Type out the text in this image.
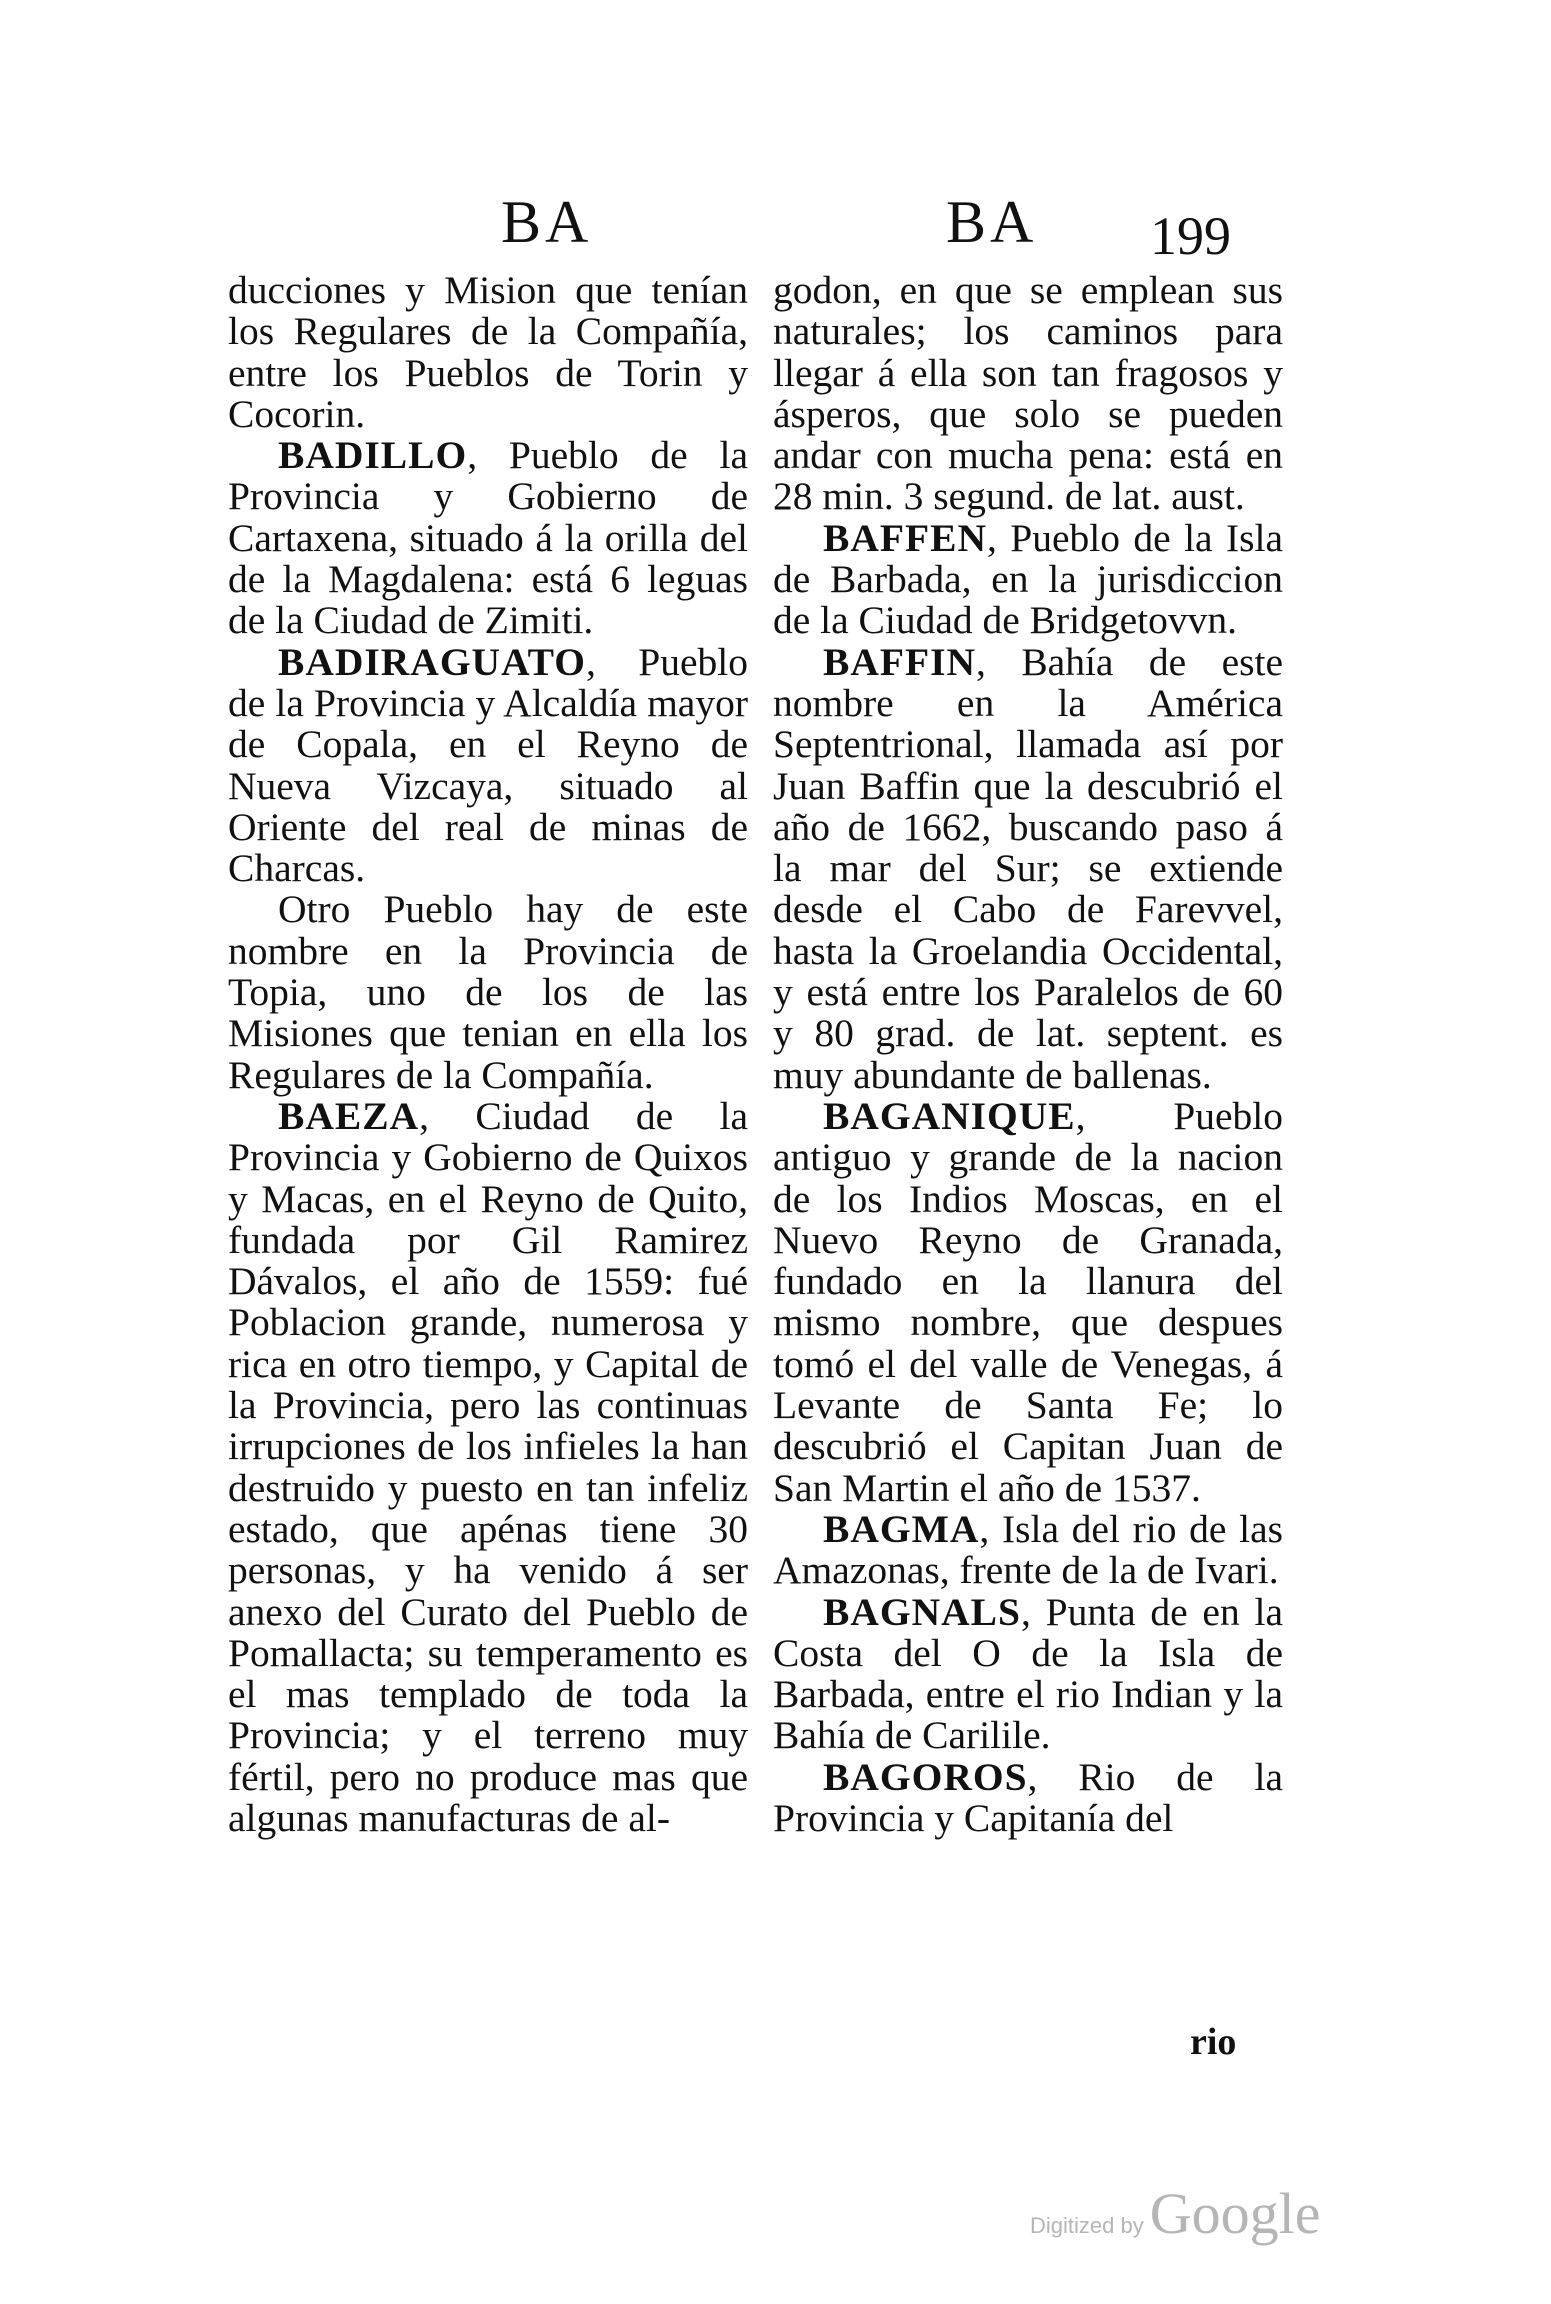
BA	BA 199

ducciones y Mision que tenían los Regulares de la Compañía, entre los Pueblos de Torin y Cocorin.

BADILLO, Pueblo de la Provincia y Gobierno de Cartaxena, situado á la orilla del de la Magdalena: está 6 leguas de la Ciudad de Zimiti.

BADIRAGUATO, Pueblo de la Provincia y Alcaldía mayor de Copala, en el Reyno de Nueva Vizcaya, situado al Oriente del real de minas de Charcas.

Otro Pueblo hay de este nombre en la Provincia de Topia, uno de los de las Misiones que tenian en ella los Regulares de la Compañía.

BAEZA, Ciudad de la Provincia y Gobierno de Quixos y Macas, en el Reyno de Quito, fundada por Gil Ramirez Dávalos, el año de 1559: fué Poblacion grande, numerosa y rica en otro tiempo, y Capital de la Provincia, pero las continuas irrupciones de los infieles la han destruido y puesto en tan infeliz estado, que apénas tiene 30 personas, y ha venido á ser anexo del Curato del Pueblo de Pomallacta; su temperamento es el mas templado de toda la Provincia; y el terreno muy fértil, pero no produce mas que algunas manufacturas de al-

godon, en que se emplean sus naturales; los caminos para llegar á ella son tan fragosos y ásperos, que solo se pueden andar con mucha pena: está en 28 min. 3 segund. de lat. aust.

BAFFEN, Pueblo de la Isla de Barbada, en la jurisdiccion de la Ciudad de Bridgetovvn.

BAFFIN, Bahía de este nombre en la América Septentrional, llamada así por Juan Baffin que la descubrió el año de 1662, buscando paso á la mar del Sur; se extiende desde el Cabo de Farevvel, hasta la Groelandia Occidental, y está entre los Paralelos de 60 y 80 grad. de lat. septent. es muy abundante de ballenas.

BAGANIQUE, Pueblo antiguo y grande de la nacion de los Indios Moscas, en el Nuevo Reyno de Granada, fundado en la llanura del mismo nombre, que despues tomó el del valle de Venegas, á Levante de Santa Fe; lo descubrió el Capitan Juan de San Martin el año de 1537.

BAGMA, Isla del rio de las Amazonas, frente de la de Ivari.

BAGNALS, Punta de en la Costa del O de la Isla de Barbada, entre el rio Indian y la Bahía de Carilile.

BAGOROS, Rio de la Provincia y Capitanía del

rio
Digitized by Google
